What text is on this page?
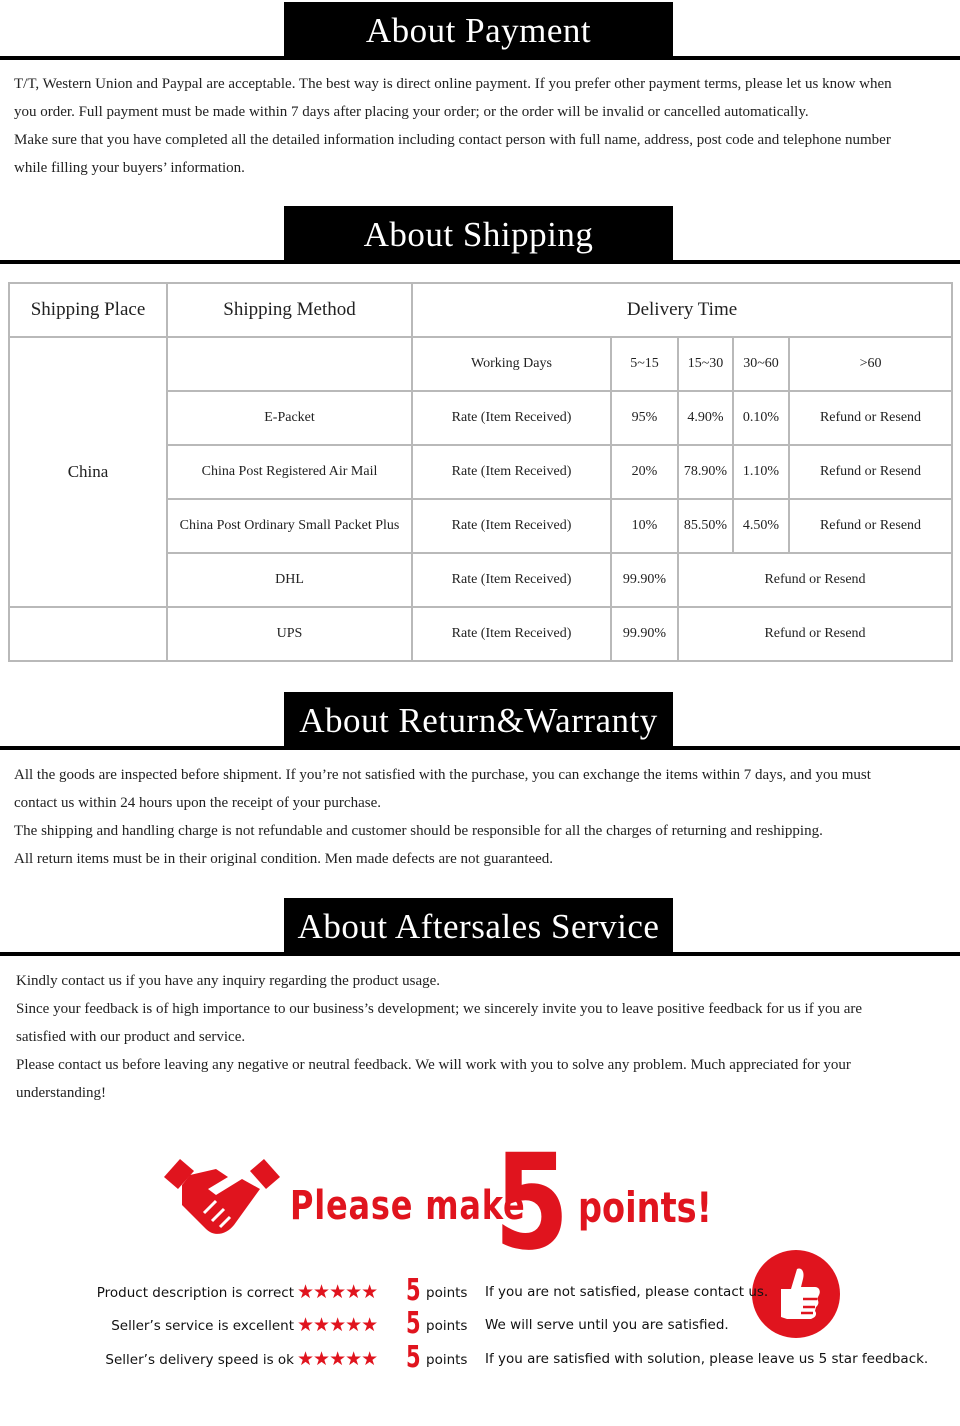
About Payment

T/T, Western Union and Paypal are acceptable. The best way is direct online payment. If you prefer other payment terms, please let us know when

you order. Full payment must be made within 7 days after placing your order; or the order will be invalid or cancelled automatically.

Make sure that you have completed all the detailed information including contact person with full name, address, post code and telephone number

while filling your buyers’ information.

About Shipping
Shipping Place	Shipping Method	Delivery Time				
China		Working Days	5~15	15~30	30~60	>60
	E-Packet	Rate (Item Received)	95%	4.90%	0.10%	Refund or Resend
	China Post Registered Air Mail	Rate (Item Received)	20%	78.90%	1.10%	Refund or Resend
	China Post Ordinary Small Packet Plus	Rate (Item Received)	10%	85.50%	4.50%	Refund or Resend
	DHL	Rate (Item Received)	99.90%	Refund or Resend		
	UPS	Rate (Item Received)	99.90%	Refund or Resend		
About Return&Warranty

All the goods are inspected before shipment. If you’re not satisfied with the purchase, you can exchange the items within 7 days, and you must

contact us within 24 hours upon the receipt of your purchase.

The shipping and handling charge is not refundable and customer should be responsible for all the charges of returning and reshipping.

All return items must be in their original condition. Men made defects are not guaranteed.

About Aftersales Service

Kindly contact us if you have any inquiry regarding the product usage.

Since your feedback is of high importance to our business’s development; we sincerely invite you to leave positive feedback for us if you are

satisfied with our product and service.

Please contact us before leaving any negative or neutral feedback. We will work with you to solve any problem. Much appreciated for your

understanding!

Please make
5 points!
Product description is correct ★★★★★ 5 points If you are not satisfied, please contact us.
Seller’s service is excellent ★★★★★ 5 points We will serve until you are satisfied.
Seller’s delivery speed is ok ★★★★★ 5 points If you are satisfied with solution, please leave us 5 star feedback.
